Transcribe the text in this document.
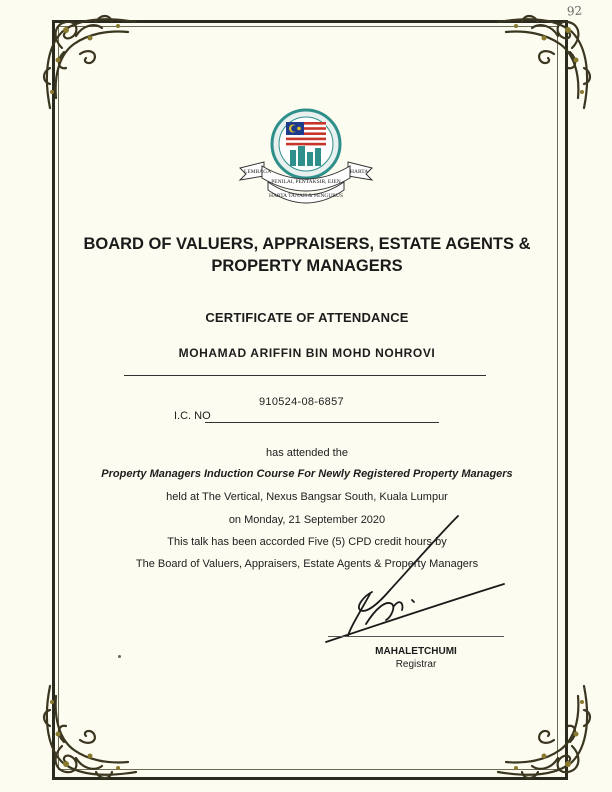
92
LEMBAGA	HARTA
PENILAI, PENTAKSIR, EJEN
HARTA TANAH & PENGURUS
BOARD OF VALUERS, APPRAISERS, ESTATE AGENTS &
PROPERTY MANAGERS
CERTIFICATE OF ATTENDANCE
MOHAMAD ARIFFIN BIN MOHD NOHROVI
910524-08-6857
I.C. NO
has attended the
Property Managers Induction Course For Newly Registered Property Managers
held at The Vertical, Nexus Bangsar South, Kuala Lumpur
on Monday, 21 September 2020
This talk has been accorded Five (5) CPD credit hours by
The Board of Valuers, Appraisers, Estate Agents & Property Managers
MAHALETCHUMI
Registrar
